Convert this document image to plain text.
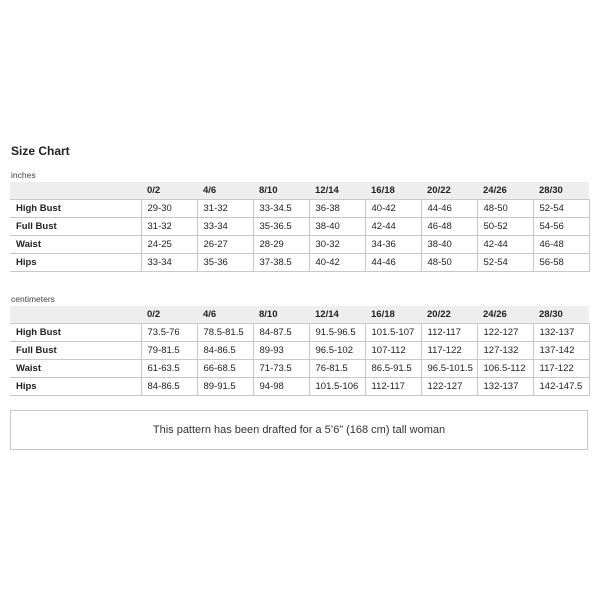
Size Chart
inches
	0/2	4/6	8/10	12/14	16/18	20/22	24/26	28/30
High Bust	29-30	31-32	33-34.5	36-38	40-42	44-46	48-50	52-54
Full Bust	31-32	33-34	35-36.5	38-40	42-44	46-48	50-52	54-56
Waist	24-25	26-27	28-29	30-32	34-36	38-40	42-44	46-48
Hips	33-34	35-36	37-38.5	40-42	44-46	48-50	52-54	56-58
centimeters
	0/2	4/6	8/10	12/14	16/18	20/22	24/26	28/30
High Bust	73.5-76	78.5-81.5	84-87.5	91.5-96.5	101.5-107	112-117	122-127	132-137
Full Bust	79-81.5	84-86.5	89-93	96.5-102	107-112	117-122	127-132	137-142
Waist	61-63.5	66-68.5	71-73.5	76-81.5	86.5-91.5	96.5-101.5	106.5-112	117-122
Hips	84-86.5	89-91.5	94-98	101.5-106	112-117	122-127	132-137	142-147.5
This pattern has been drafted for a 5’6” (168 cm) tall woman
